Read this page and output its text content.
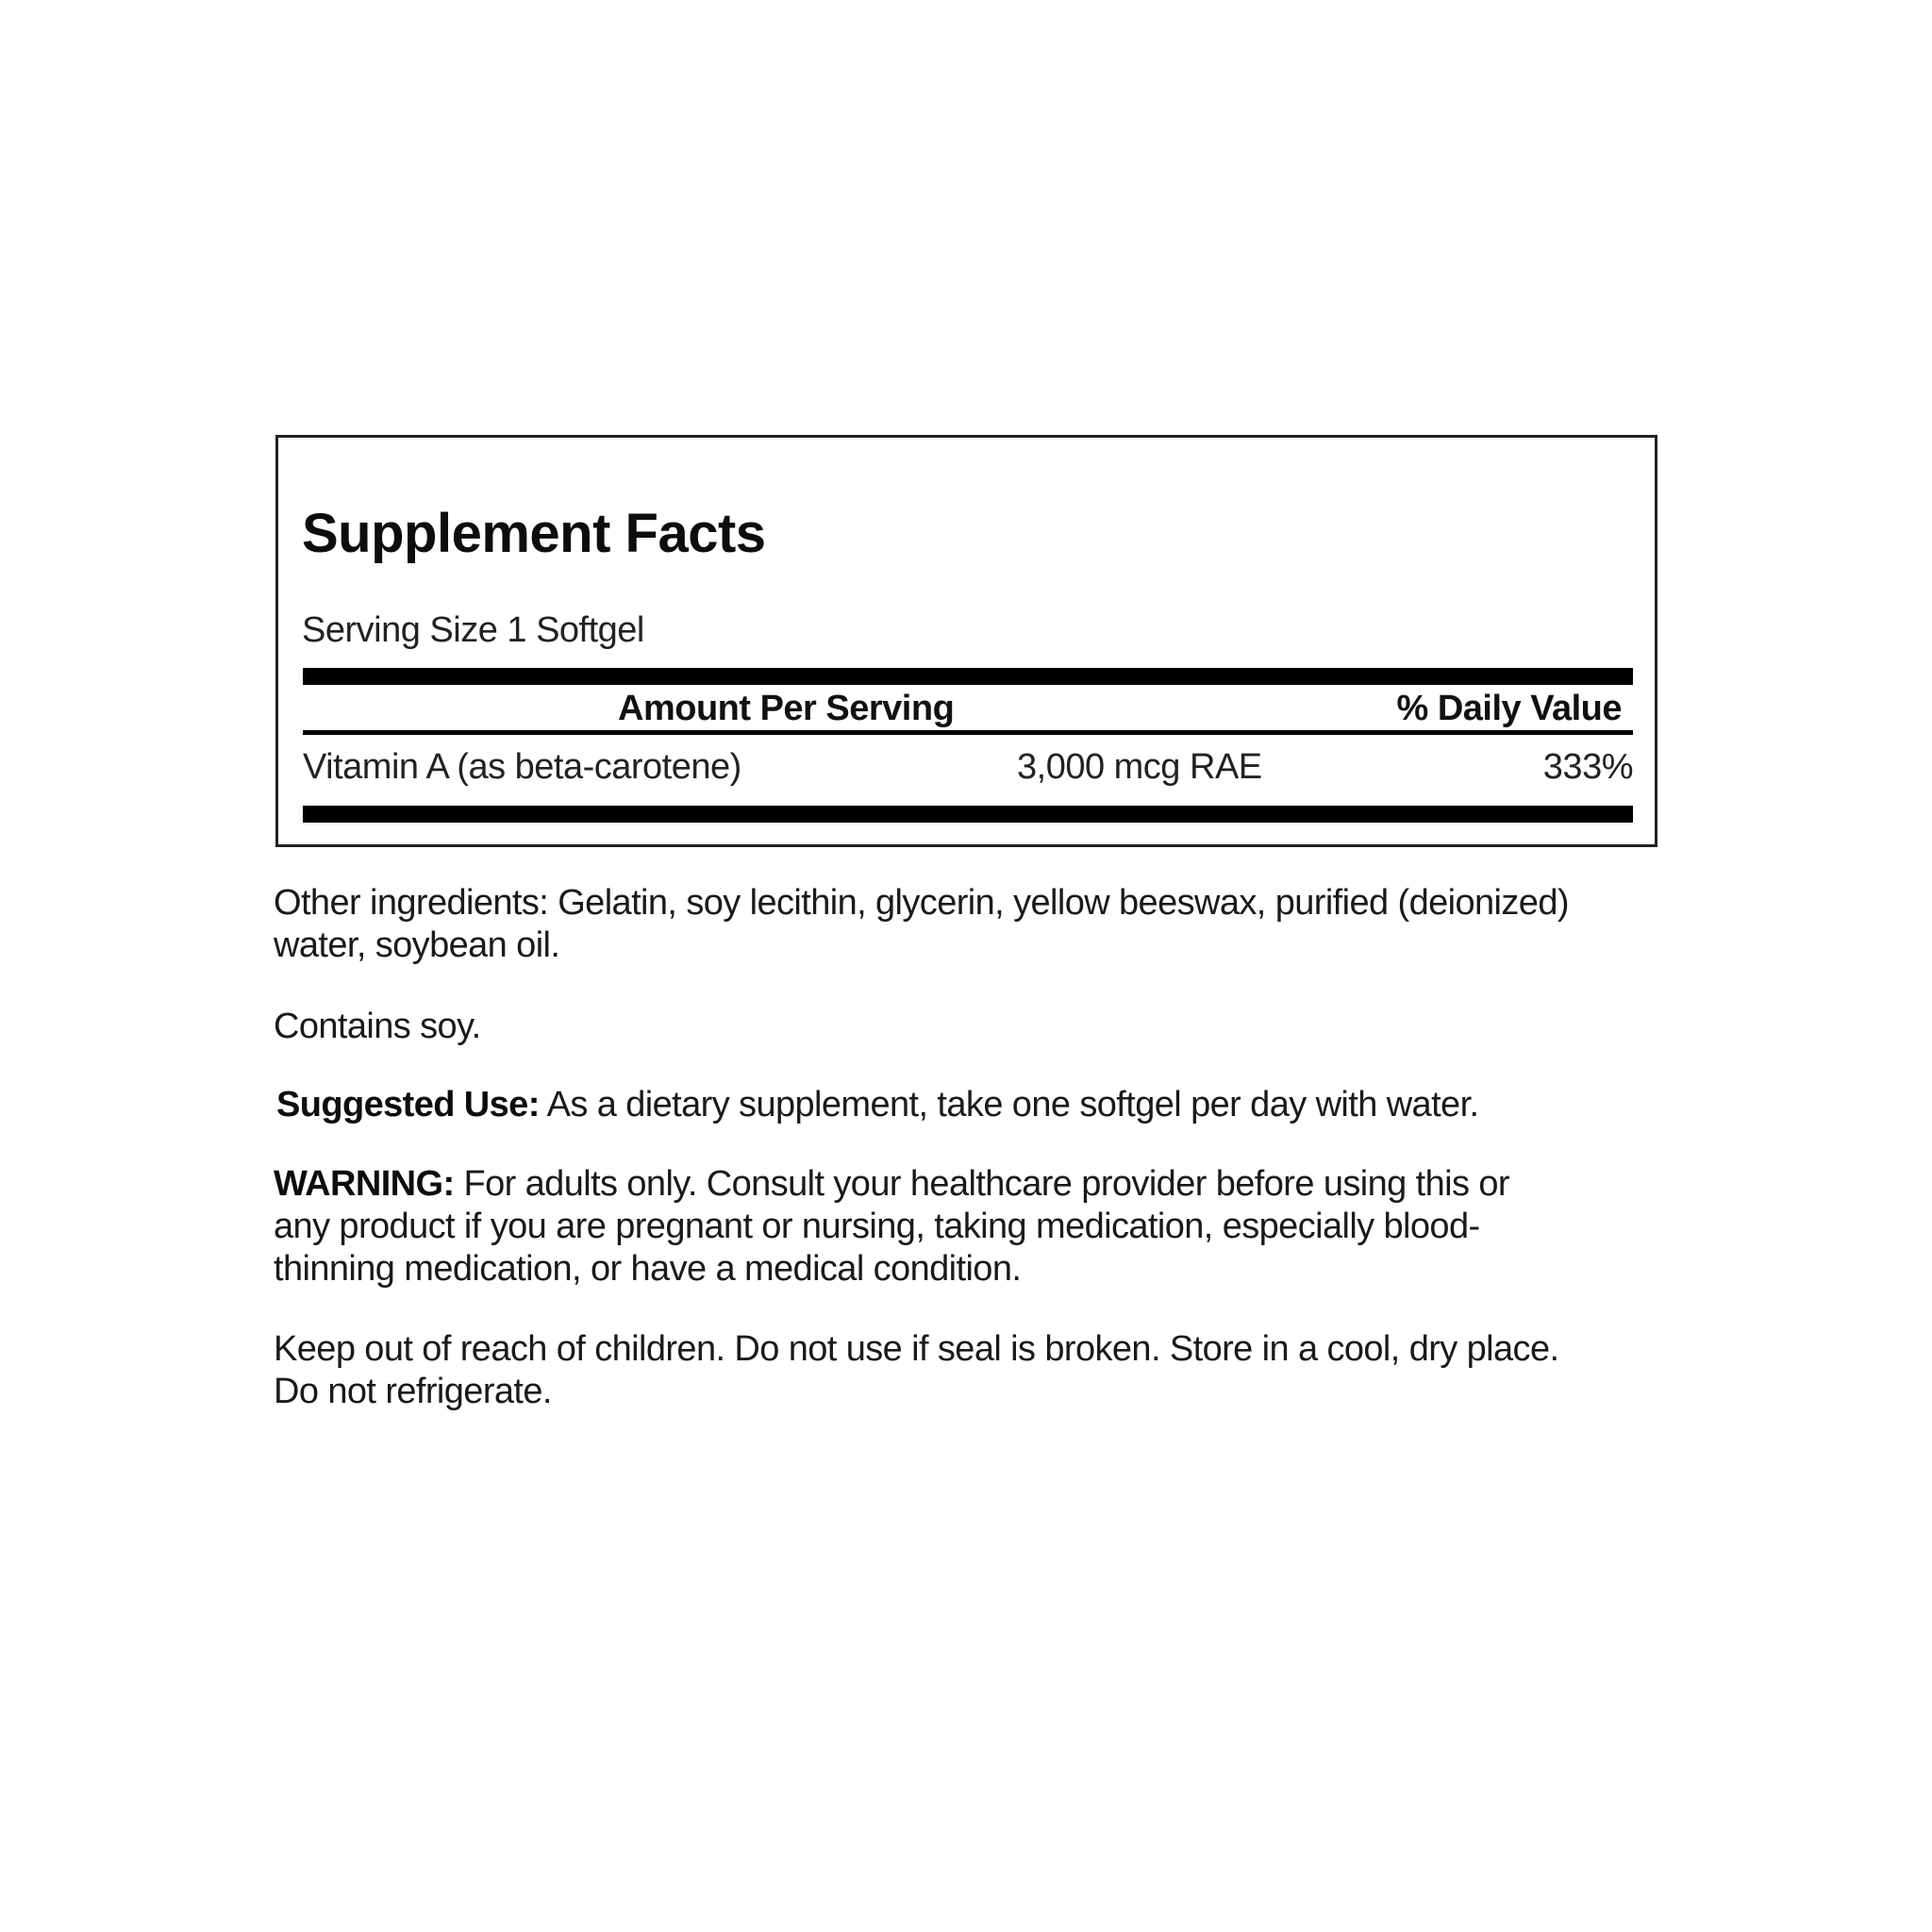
Supplement Facts
Serving Size 1 Softgel
Amount Per Serving	% Daily Value
Vitamin A (as beta-carotene)	3,000 mcg RAE	333%
Other ingredients: Gelatin, soy lecithin, glycerin, yellow beeswax, purified (deionized)
water, soybean oil.
Contains soy.
Suggested Use: As a dietary supplement, take one softgel per day with water.
WARNING: For adults only. Consult your healthcare provider before using this or
any product if you are pregnant or nursing, taking medication, especially blood-
thinning medication, or have a medical condition.
Keep out of reach of children. Do not use if seal is broken. Store in a cool, dry place.
Do not refrigerate.
